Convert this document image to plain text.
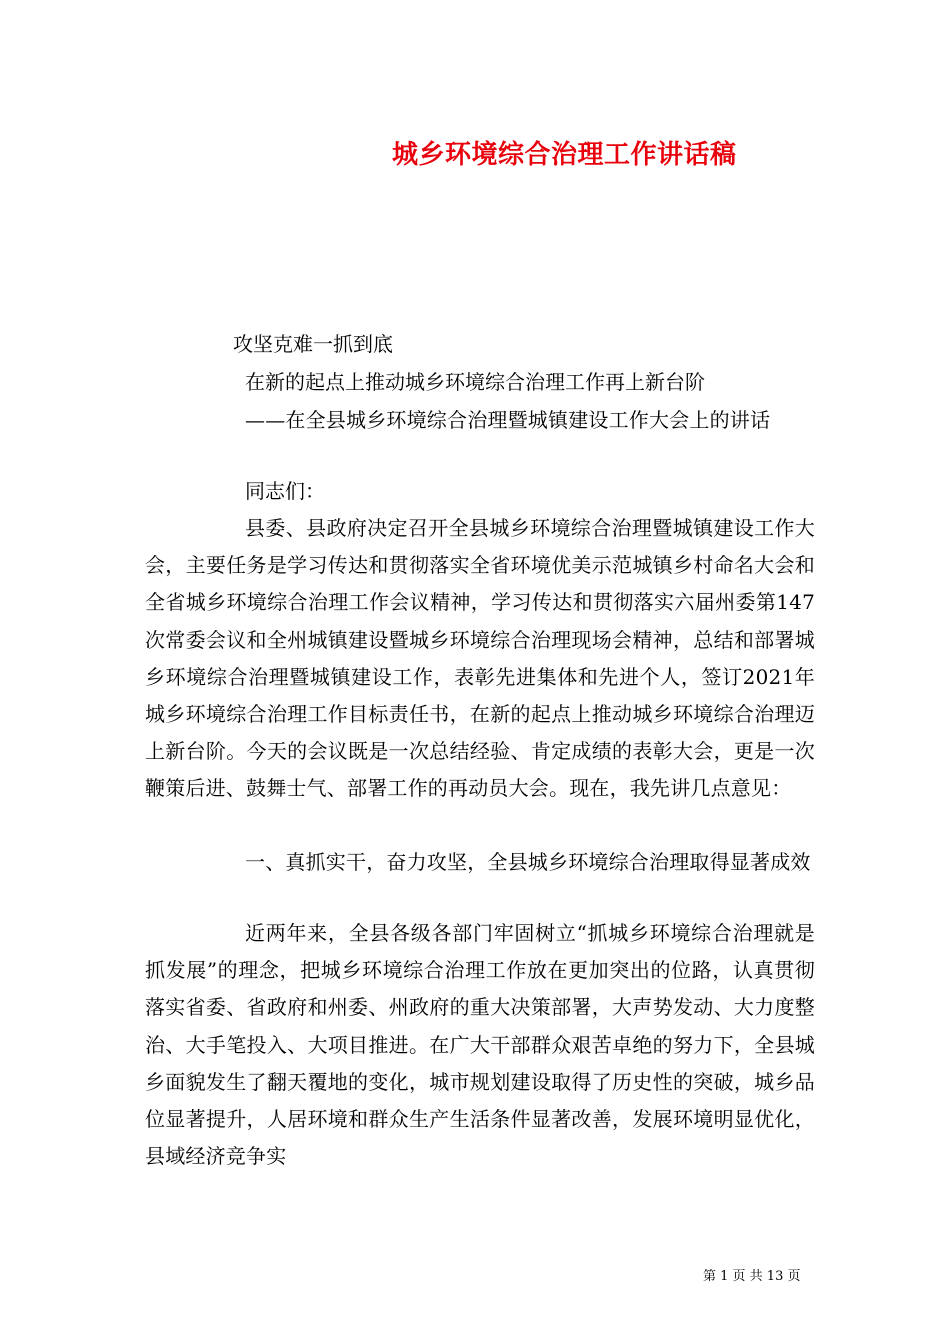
城乡环境综合治理工作讲话稿
攻坚克难一抓到底
在新的起点上推动城乡环境综合治理工作再上新台阶
——在全县城乡环境综合治理暨城镇建设工作大会上的讲话
同志们：
县委、县政府决定召开全县城乡环境综合治理暨城镇建设工作大会，主要任务是学习传达和贯彻落实全省环境优美示范城镇乡村命名大会和全省城乡环境综合治理工作会议精神，学习传达和贯彻落实六届州委第147次常委会议和全州城镇建设暨城乡环境综合治理现场会精神，总结和部署城乡环境综合治理暨城镇建设工作，表彰先进集体和先进个人，签订2021年城乡环境综合治理工作目标责任书，在新的起点上推动城乡环境综合治理迈上新台阶。今天的会议既是一次总结经验、肯定成绩的表彰大会，更是一次鞭策后进、鼓舞士气、部署工作的再动员大会。现在，我先讲几点意见：
一、真抓实干，奋力攻坚，全县城乡环境综合治理取得显著成效
近两年来，全县各级各部门牢固树立“抓城乡环境综合治理就是抓发展”的理念，把城乡环境综合治理工作放在更加突出的位路，认真贯彻落实省委、省政府和州委、州政府的重大决策部署，大声势发动、大力度整治、大手笔投入、大项目推进。在广大干部群众艰苦卓绝的努力下，全县城乡面貌发生了翻天覆地的变化，城市规划建设取得了历史性的突破，城乡品位显著提升，人居环境和群众生产生活条件显著改善，发展环境明显优化，县域经济竞争实
第 1 页 共 13 页
